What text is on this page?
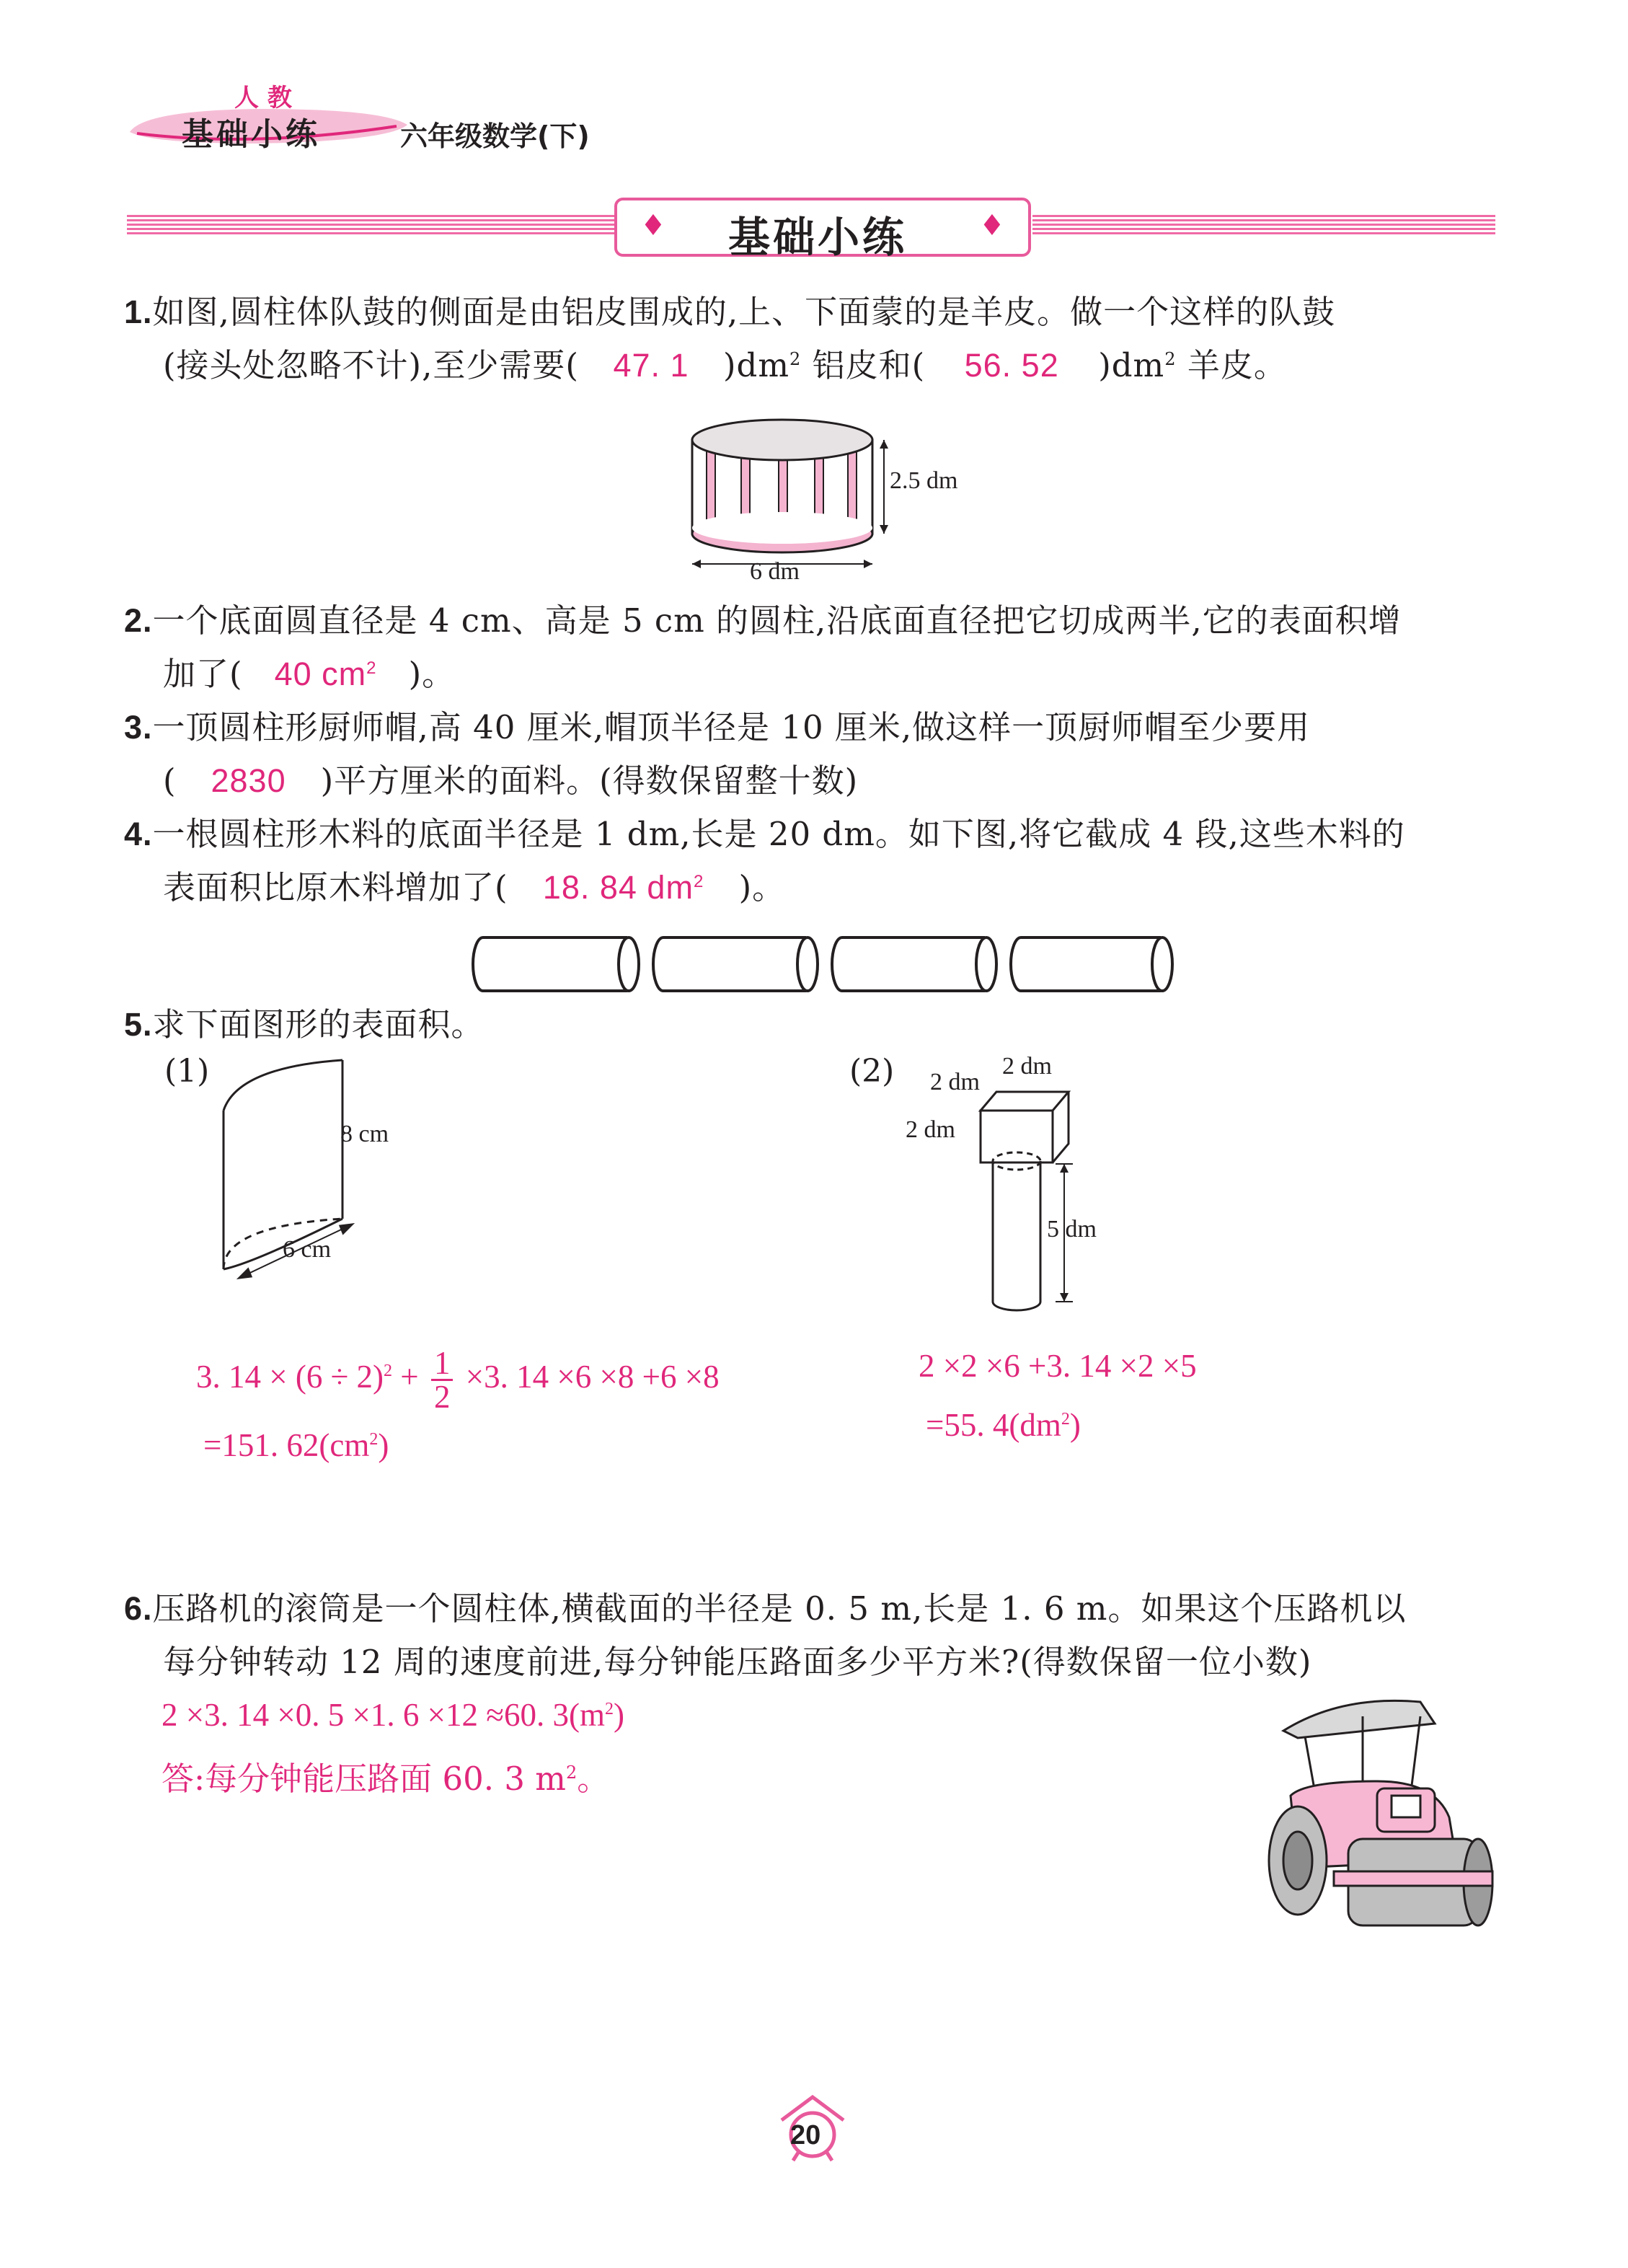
人 教
基础小练	六年级数学(下)
♦ 基础小练 ♦
1.如图,圆柱体队鼓的侧面是由铝皮围成的,上、下面蒙的是羊皮。做一个这样的队鼓
(接头处忽略不计),至少需要( 47. 1 )$dm^2$ 铝皮和( 56. 52 )$dm^2$ 羊皮。
2.5 dm
6 dm
2.一个底面圆直径是 4 cm、高是 5 cm 的圆柱,沿底面直径把它切成两半,它的表面积增
加了( 40 $cm^2$ )。
3.一顶圆柱形厨师帽,高 40 厘米,帽顶半径是 10 厘米,做这样一顶厨师帽至少要用
( 2830 )平方厘米的面料。(得数保留整十数)
4.一根圆柱形木料的底面半径是 1 dm,长是 20 dm。如下图,将它截成 4 段,这些木料的
表面积比原木料增加了( 18. 84 $dm^2$ )。
5.求下面图形的表面积。
(1)
8 cm
6 cm
3. $14 \times (6 \div 2)^2 + \frac{1}{2} \times 3$. 14 ×6 ×8 +6 ×8
=151. $62(cm^2)$
(2) 2 dm
2 dm
2 dm
5 dm
2 ×2 ×6 +3. 14 ×2 ×5
=55. $4(dm^2)$
6.压路机的滚筒是一个圆柱体,横截面的半径是 0. 5 m,长是 1. 6 m。如果这个压路机以
每分钟转动 12 周的速度前进,每分钟能压路面多少平方米?(得数保留一位小数)
2 ×3. 14 ×0. 5 ×1. 6 ×12 ≈60. $3(m^2)$
答:每分钟能压路面 60. 3 $m^2$。
20
